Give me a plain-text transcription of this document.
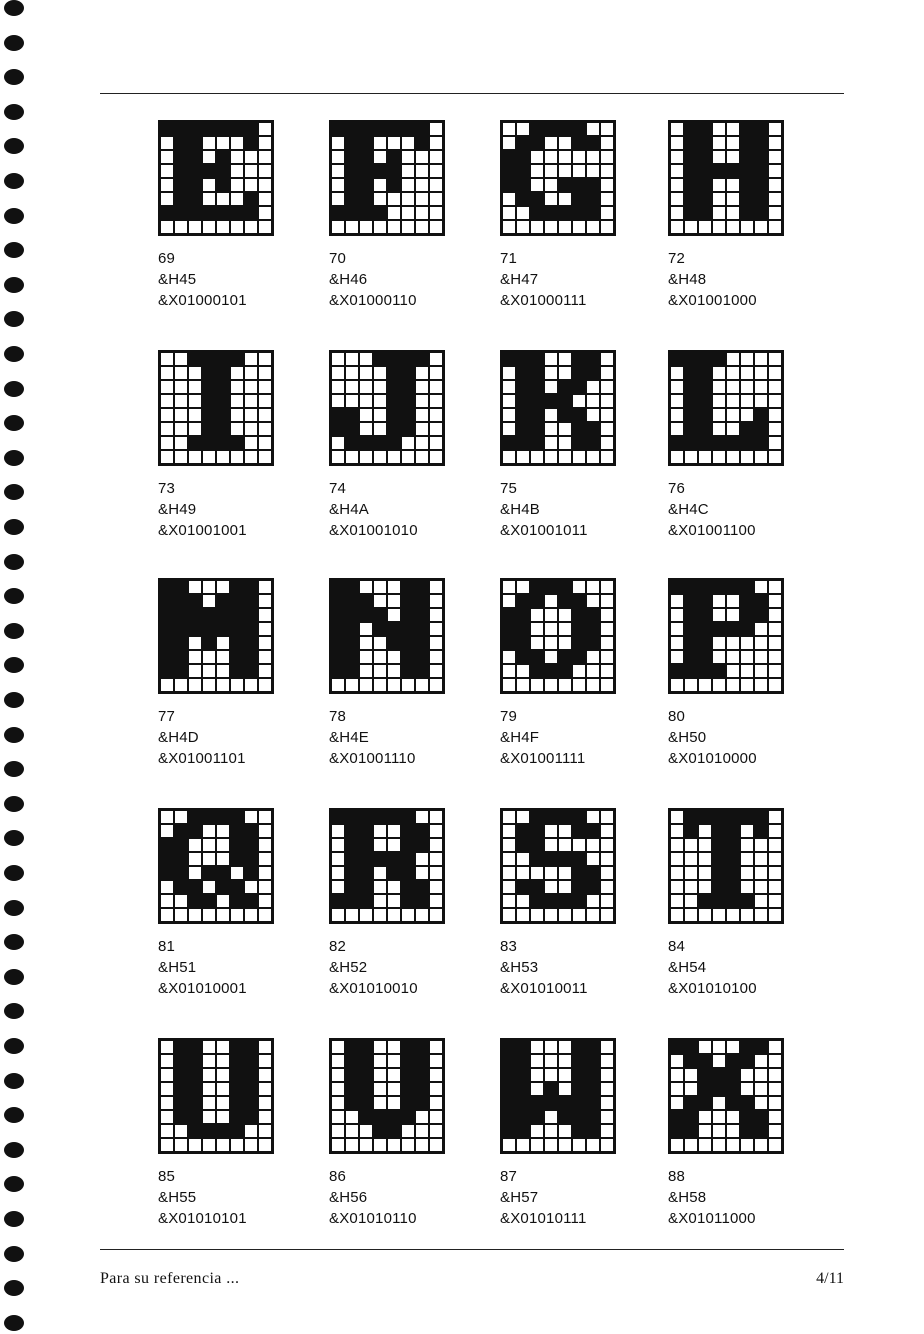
69
&H45
&X01000101
70
&H46
&X01000110
71
&H47
&X01000111
72
&H48
&X01001000
73
&H49
&X01001001
74
&H4A
&X01001010
75
&H4B
&X01001011
76
&H4C
&X01001100
77
&H4D
&X01001101
78
&H4E
&X01001110
79
&H4F
&X01001111
80
&H50
&X01010000
81
&H51
&X01010001
82
&H52
&X01010010
83
&H53
&X01010011
84
&H54
&X01010100
85
&H55
&X01010101
86
&H56
&X01010110
87
&H57
&X01010111
88
&H58
&X01011000
Para su referencia ...	4/11
